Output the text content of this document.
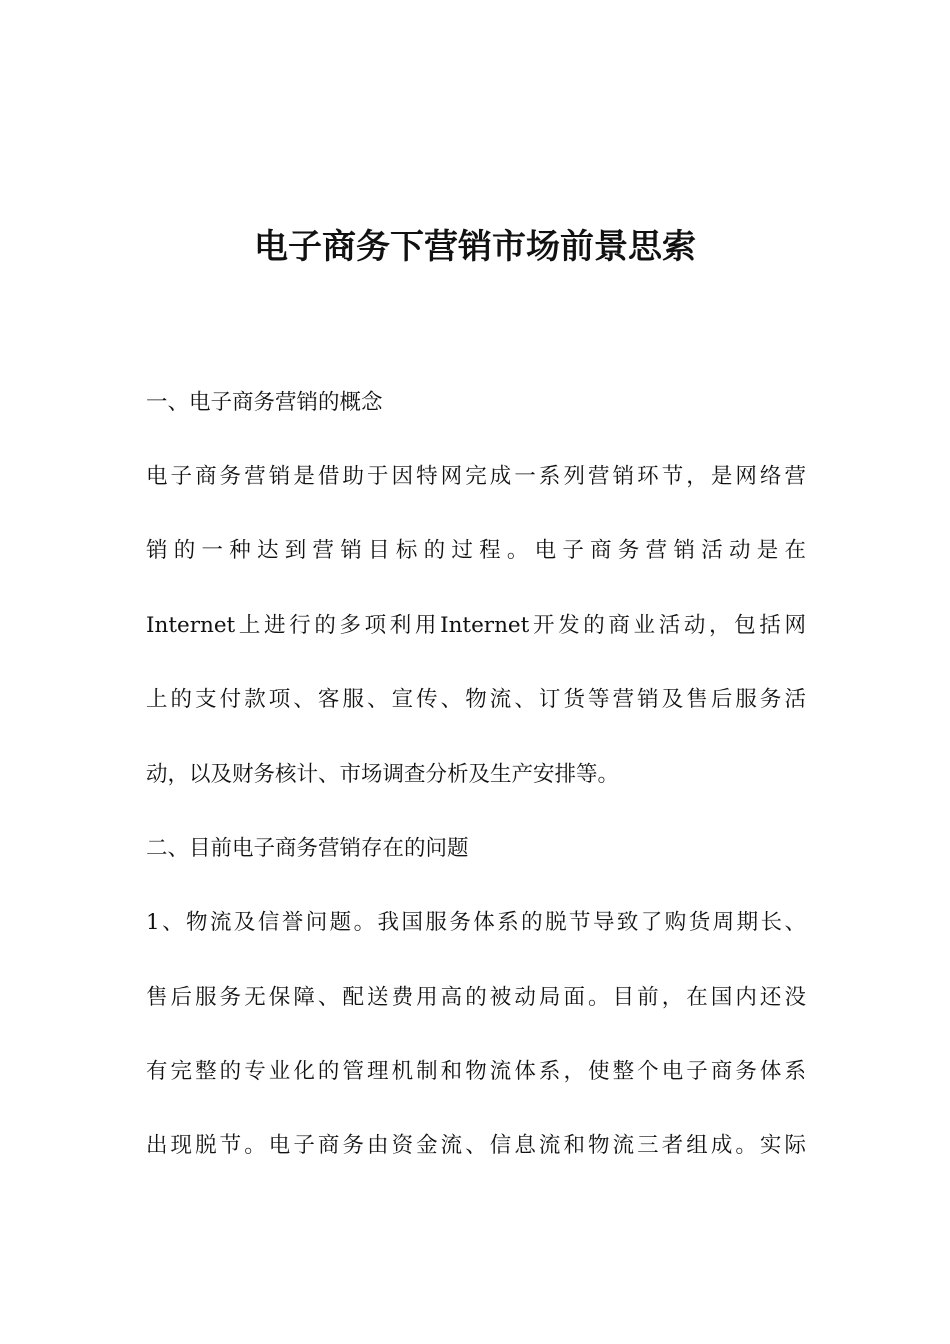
电子商务下营销市场前景思索

一、电子商务营销的概念

电子商务营销是借助于因特网完成一系列营销环节，是网络营

销的一种达到营销目标的过程。电子商务营销活动是在

Internet上进行的多项利用Internet开发的商业活动，包括网

上的支付款项、客服、宣传、物流、订货等营销及售后服务活

动，以及财务核计、市场调查分析及生产安排等。

二、目前电子商务营销存在的问题

1、物流及信誉问题。我国服务体系的脱节导致了购货周期长、

售后服务无保障、配送费用高的被动局面。目前，在国内还没

有完整的专业化的管理机制和物流体系，使整个电子商务体系

出现脱节。电子商务由资金流、信息流和物流三者组成。实际
